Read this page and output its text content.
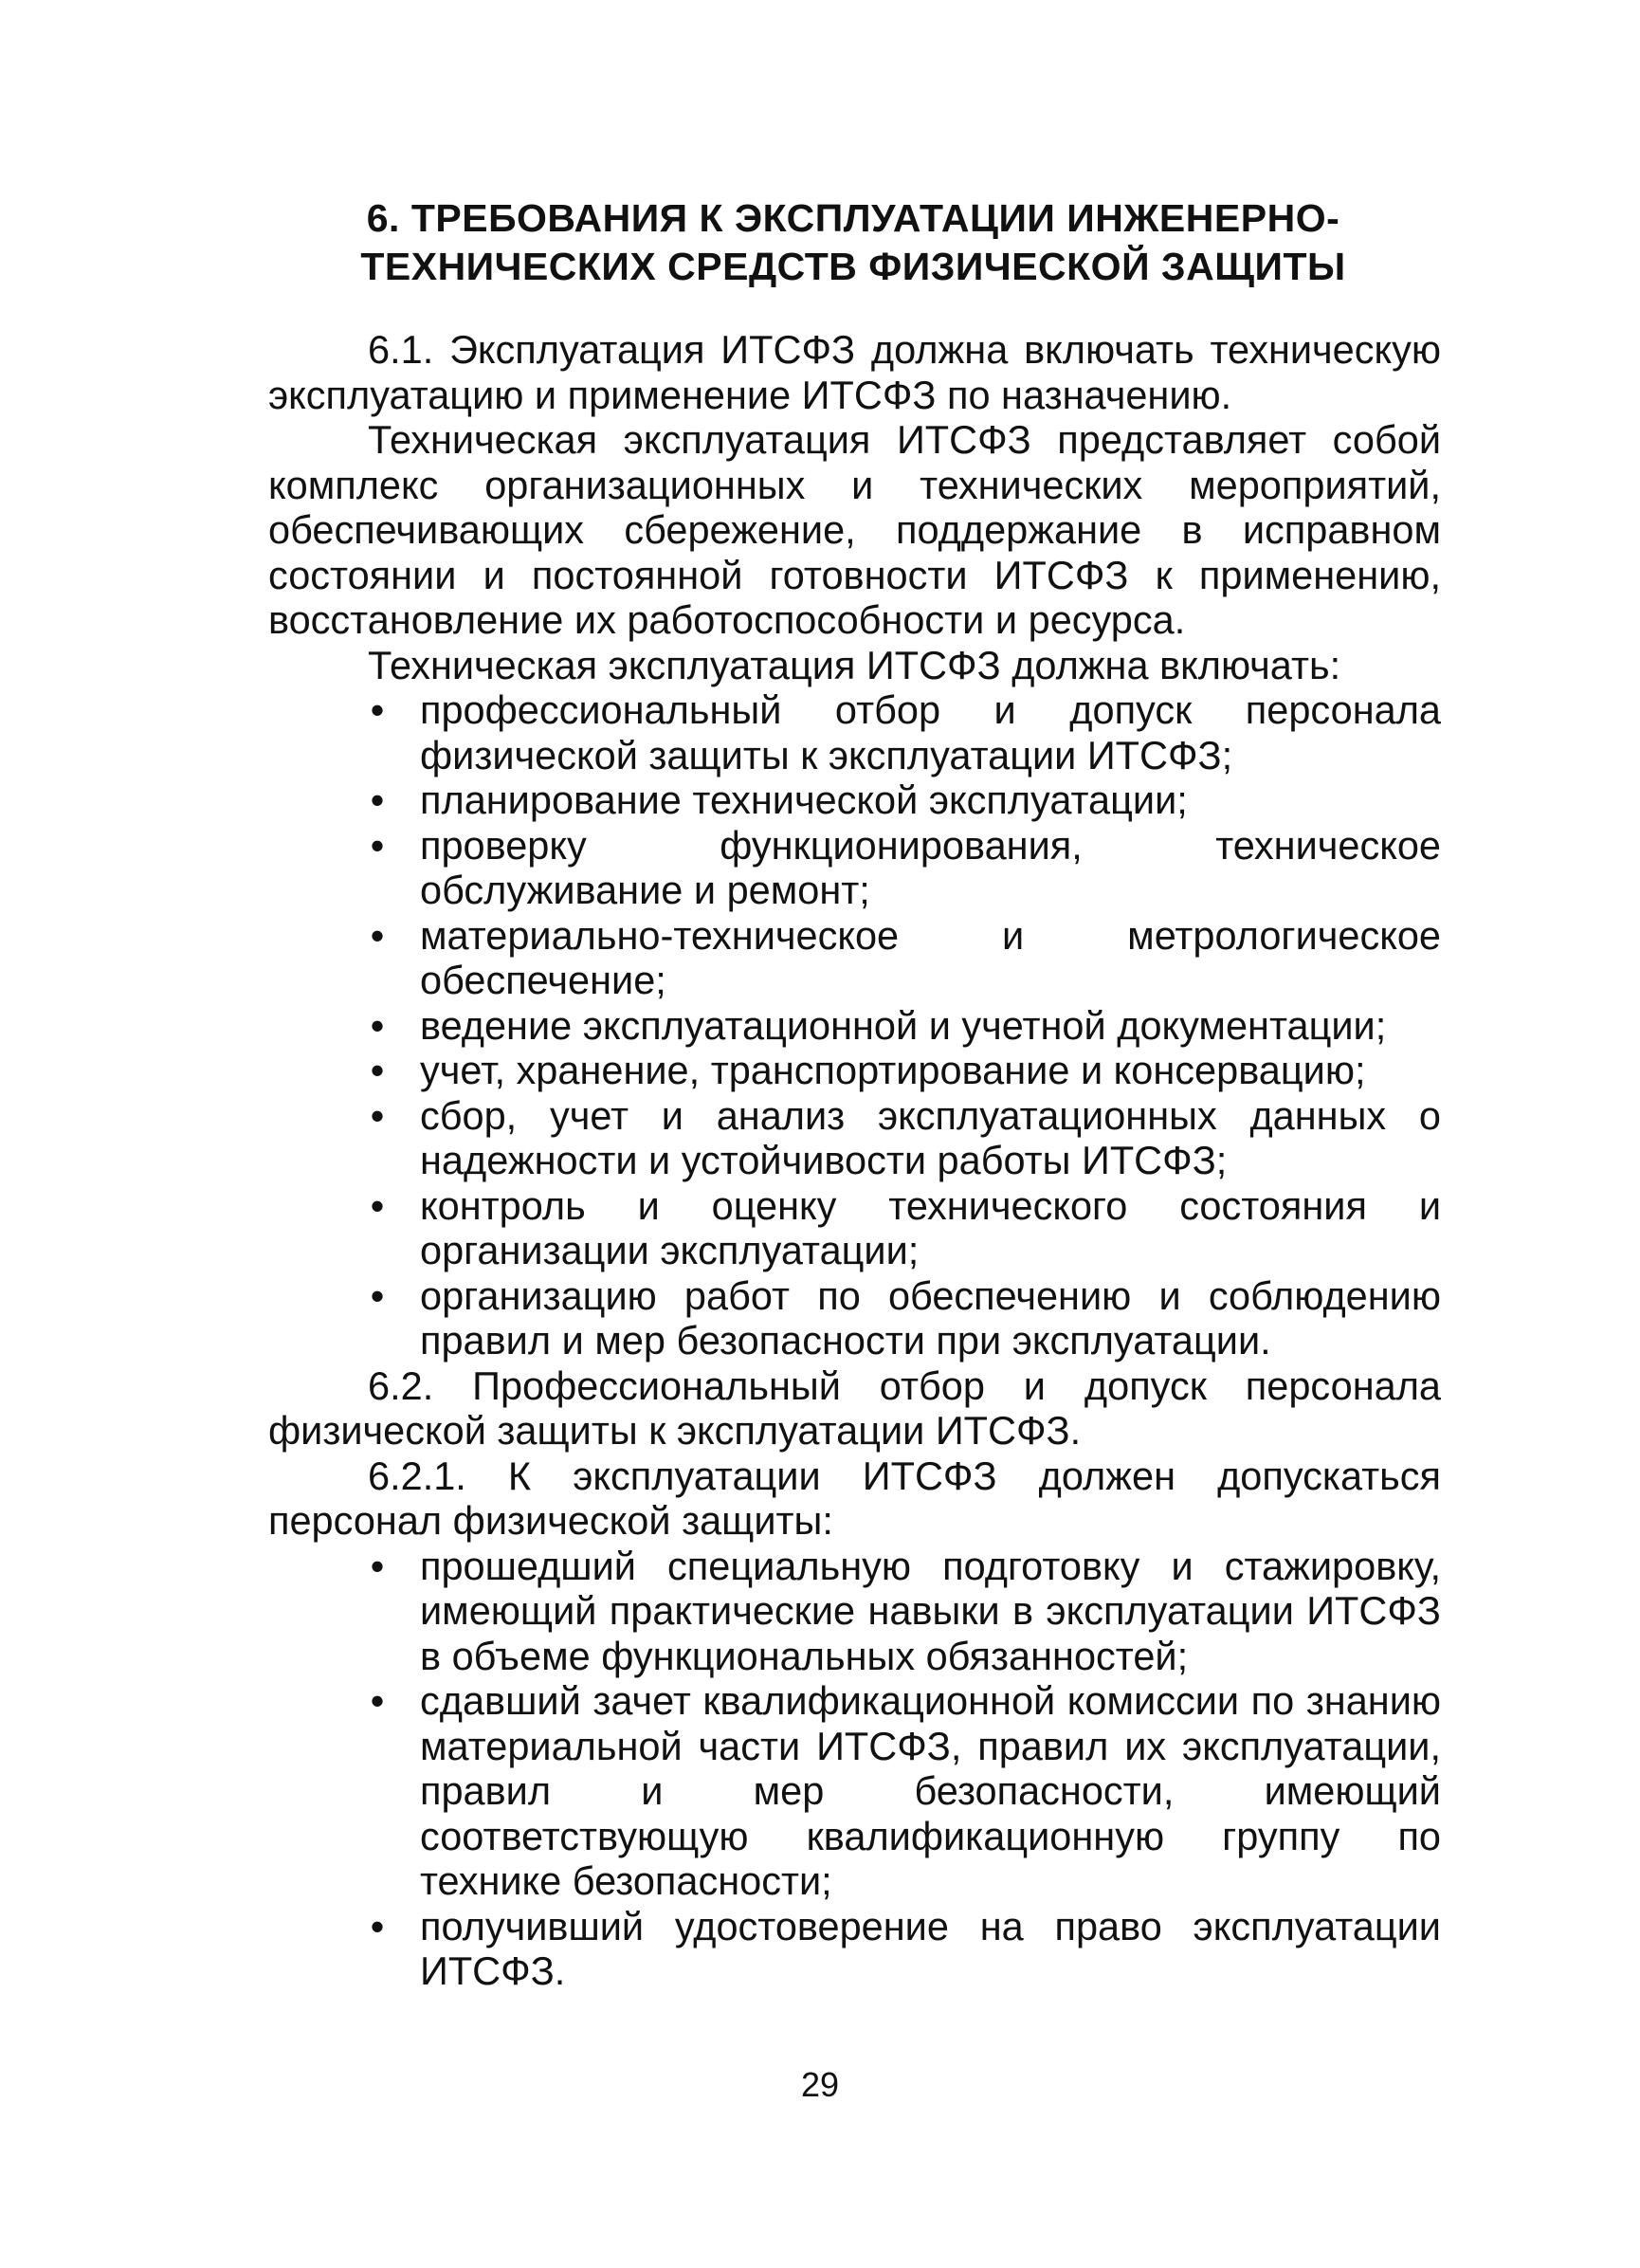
6. ТРЕБОВАНИЯ К ЭКСПЛУАТАЦИИ ИНЖЕНЕРНО-
ТЕХНИЧЕСКИХ СРЕДСТВ ФИЗИЧЕСКОЙ ЗАЩИТЫ

6.1. Эксплуатация ИТСФЗ должна включать техническую эксплуатацию и применение ИТСФЗ по назначению.

Техническая эксплуатация ИТСФЗ представляет собой комплекс организационных и технических мероприятий, обеспечивающих сбережение, поддержание в исправном состоянии и постоянной готовности ИТСФЗ к применению, восстановление их работоспособности и ресурса.

Техническая эксплуатация ИТСФЗ должна включать:

• профессиональный отбор и допуск персонала физической защиты к эксплуатации ИТСФЗ;
• планирование технической эксплуатации;
• проверку функционирования, техническое обслуживание и ремонт;
• материально-техническое и метрологическое обеспечение;
• ведение эксплуатационной и учетной документации;
• учет, хранение, транспортирование и консервацию;
• сбор, учет и анализ эксплуатационных данных о надежности и устойчивости работы ИТСФЗ;
• контроль и оценку технического состояния и организации эксплуатации;
• организацию работ по обеспечению и соблюдению правил и мер безопасности при эксплуатации.

6.2. Профессиональный отбор и допуск персонала физической защиты к эксплуатации ИТСФЗ.

6.2.1. К эксплуатации ИТСФЗ должен допускаться персонал физической защиты:

• прошедший специальную подготовку и стажировку, имеющий практические навыки в эксплуатации ИТСФЗ в объеме функциональных обязанностей;
• сдавший зачет квалификационной комиссии по знанию материальной части ИТСФЗ, правил их эксплуатации, правил и мер безопасности, имеющий соответствующую квалификационную группу по технике безопасности;
• получивший удостоверение на право эксплуатации ИТСФЗ.
29
